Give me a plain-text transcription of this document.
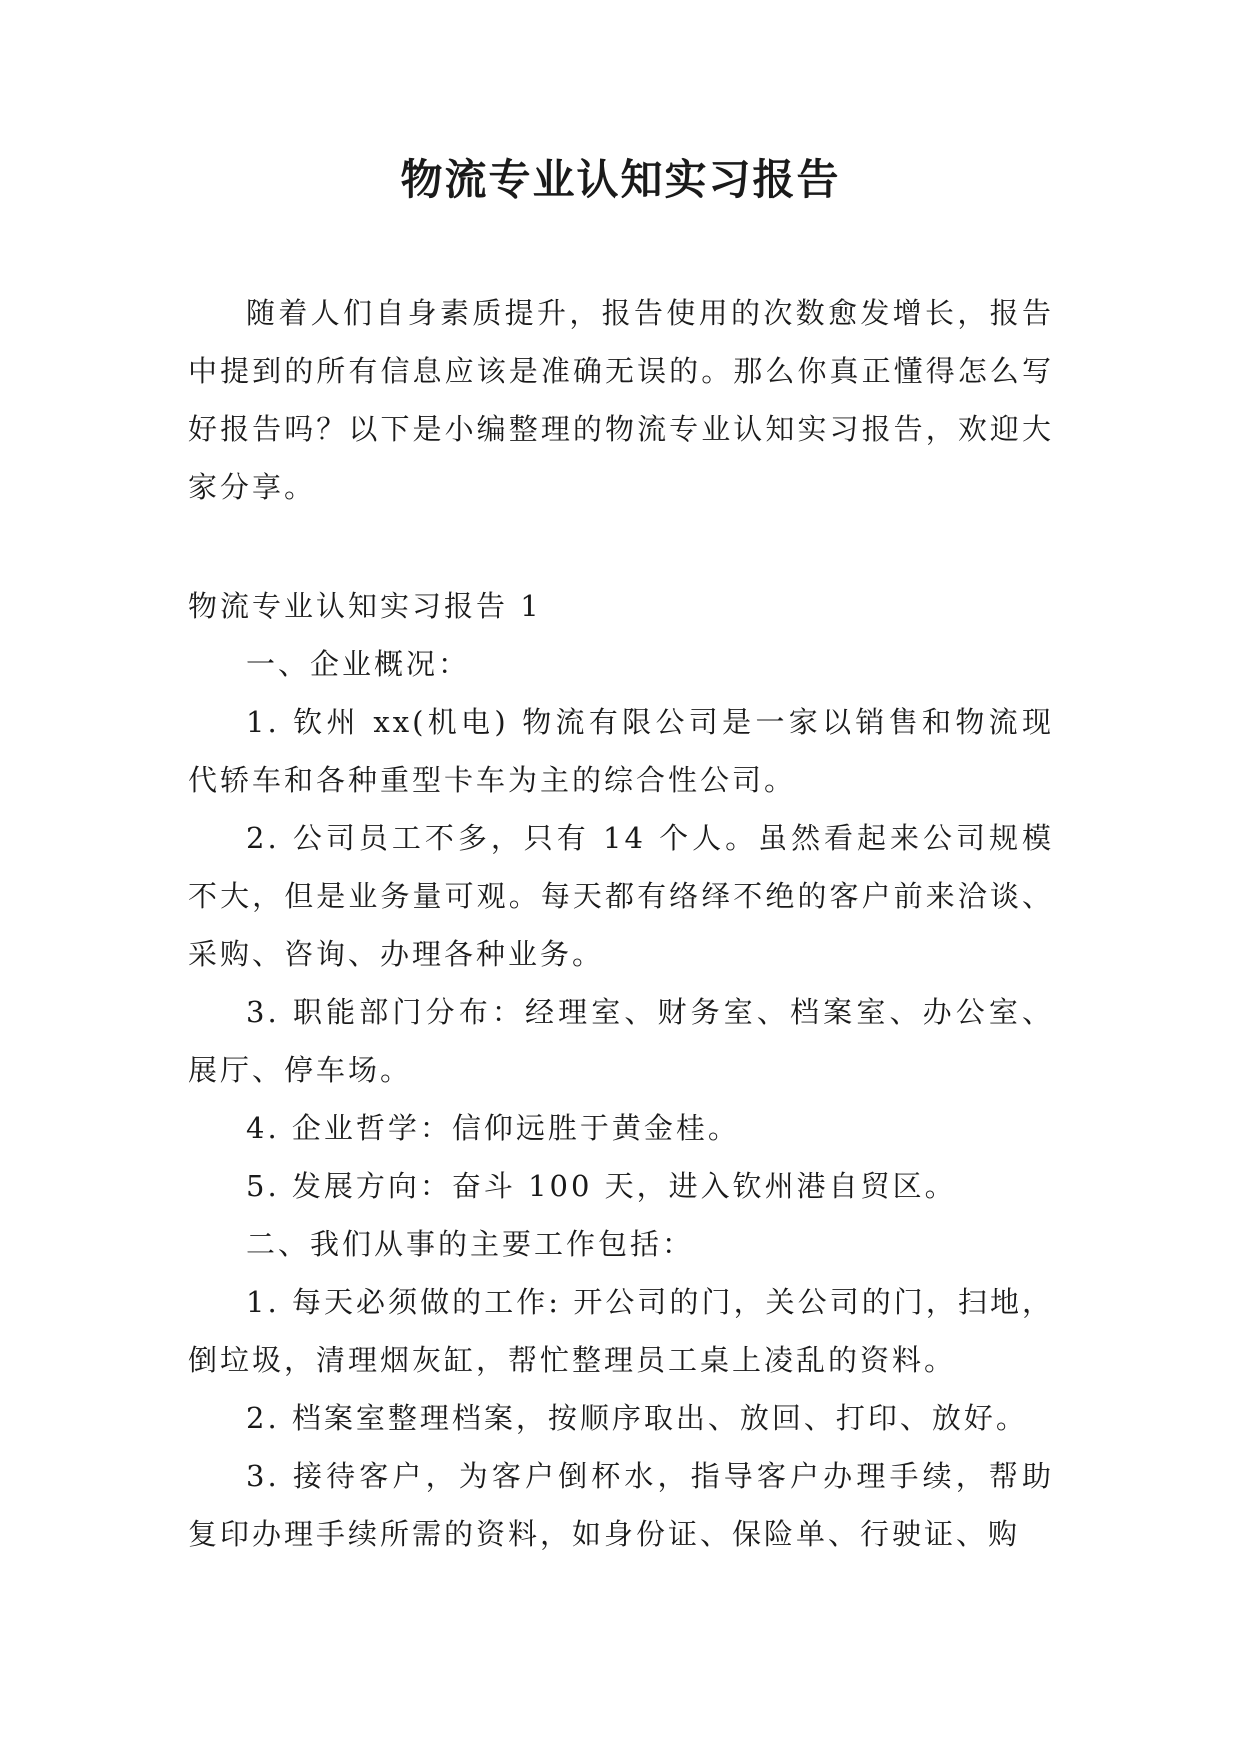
物流专业认知实习报告

随着人们自身素质提升，报告使用的次数愈发增长，报告中提到的所有信息应该是准确无误的。那么你真正懂得怎么写好报告吗？以下是小编整理的物流专业认知实习报告，欢迎大家分享。

物流专业认知实习报告 1

一、企业概况：

1. 钦州 xx(机电) 物流有限公司是一家以销售和物流现代轿车和各种重型卡车为主的综合性公司。

2. 公司员工不多，只有 14 个人。虽然看起来公司规模不大，但是业务量可观。每天都有络绎不绝的客户前来洽谈、采购、咨询、办理各种业务。

3. 职能部门分布：经理室、财务室、档案室、办公室、展厅、停车场。

4. 企业哲学：信仰远胜于黄金桂。

5. 发展方向：奋斗 100 天，进入钦州港自贸区。

二、我们从事的主要工作包括：

1. 每天必须做的工作: 开公司的门，关公司的门，扫地，倒垃圾，清理烟灰缸，帮忙整理员工桌上凌乱的资料。

2. 档案室整理档案，按顺序取出、放回、打印、放好。

3. 接待客户，为客户倒杯水，指导客户办理手续，帮助复印办理手续所需的资料，如身份证、保险单、行驶证、购
